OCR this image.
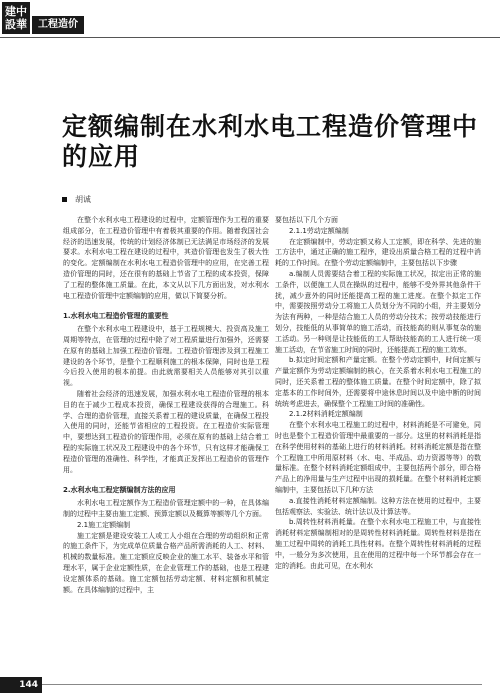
建中
設華	工程造价
定额编制在水利水电工程造价管理中的应用
胡诚

在整个水利水电工程建设的过程中，定额管理作为工程的重要组成部分，在工程造价管理中有着极其重要的作用。随着我国社会经济的迅速发展，传统的计划经济体制已无法满足市场经济的发展要求。水利水电工程在建设的过程中，其造价管理也发生了极大性的变化。定额编制在水利水电工程造价管理中的应用，在完善工程造价管理的同时，还在很有的基础上节省了工程的成本投资，保障了工程的整体施工质量。在此，本文从以下几方面出发，对水利水电工程造价管理中定额编制的应用，做以下简要分析。

1.水利水电工程造价管理的重要性

在整个水利水电工程建设中，基于工程规模大、投资高及施工周期等特点，在管理的过程中除了对工程质量进行加强外，还需要在原有的基础上加强工程造价管理。工程造价管理涉及到工程施工建设的各个环节，是整个工程顺利施工的根本保障，同时也是工程今后投入使用的根本前提。由此就需要相关人员能够对其引以重视。

随着社会经济的迅速发展，加强水利水电工程造价管理的根本目的在于减少工程成本投资，确保工程建设获得的合理施工。科学、合理的造价管理，直接关系着工程的建设质量，在确保工程投入使用的同时，还能节省相应的工程投资。在工程造价实际管理中，要想达到工程造价的管理作用，必须在原有的基础上结合着工程的实际施工状况及工程建设中的各个环节，只有这样才能确保工程造价管理的准确性、科学性，才能真正发挥出工程造价的管理作用。

2.水利水电工程定额编制方法的应用

水利水电工程定额作为工程造价管理定额中的一种，在具体编制的过程中主要由施工定额、预算定额以及概算等额等几个方面。

2.1施工定额编制

施工定额是建设安装工人或工人小组在合理的劳动组织和正常的施工条件下，为完成单位质量合格产品所需消耗的人工、材料、机械的数量标准。施工定额应反映企业的施工水平、装备水平和管理水平，属于企业定额性质，在企业管理工作的基础，也是工程建设定额体系的基础。施工定额包括劳动定额、材料定额和机械定额。在具体编制的过程中，主

要包括以下几个方面

2.1.1劳动定额编制

在定额编制中，劳动定额又称人工定额，即在科学、先进的施工方法中，通过正确的施工程序，建设出质量合格工程的过程中消耗的工作时间。在整个劳动定额编制中，主要包括以下步骤

a.编制人员需要结合着工程的实际施工状况，拟定出正常的施工条件，以便施工人员在操纵的过程中，能够不受外界其他条件干扰，减少意外的同时还能提高工程的施工进度。在整个拟定工作中，需要按照劳动分工将施工人员划分为不同的小组，并主要划分为法有两种，一种是结合施工人员的劳动分技术；按劳动技能进行划分，技能低的从事简单的施工活动，而技能高的则从事复杂的施工活动。另一种则是让技能低的工人帮助技能高的工人进行统一项施工活动，在节省施工时间的同时，还能提高工程的施工效率。

b.拟定时间定额和产量定额。在整个劳动定额中，时间定额与产量定额作为劳动定额编制的核心，在关系着水利水电工程施工的同时，还关系着工程的整体施工质量。在整个时间定额中，除了拟定基本的工作时间外，还需要将中途休息时间以及中途中断的时间统统考虑进去，确保整个工程施工时间的准确性。

2.1.2材料消耗定额编制

在整个水利水电工程施工的过程中，材料消耗是不可避免，同时也是整个工程造价管理中最重要的一部分。这里的材料消耗是指在科学使用材料的基础上进行的材料消耗。材料消耗定额是指在整个工程施工中所用原材料（水、电、半成品、动力资源等等）的数量标准。在整个材料消耗定额组成中，主要包括两个部分，即合格产品上的净用量与生产过程中出现的损耗量。在整个材料消耗定额编制中，主要包括以下几种方法

a.直接性消耗材料定额编制。这种方法在使用的过程中，主要包括观察法、实验法、统计法以及计算法等。

b.周转性材料消耗量。在整个水利水电工程施工中，与直接性消耗材料定额编制相对的是周转性材料消耗量。周转性材料是指在施工过程中周转的消耗工具性材料。在整个周转性材料消耗的过程中，一般分为多次使用，且在使用的过程中每一个环节都会存在一定的消耗。由此可见，在水利水

144
